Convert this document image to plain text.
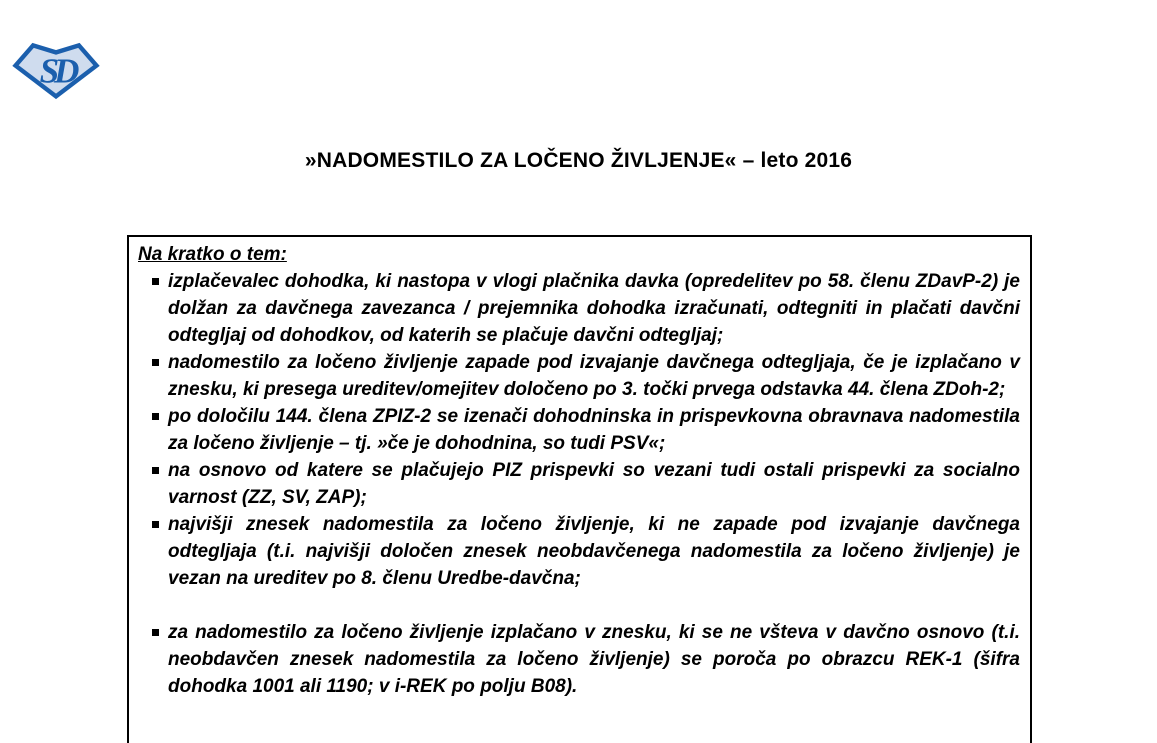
SD
»NADOMESTILO ZA LOČENO ŽIVLJENJE« – leto 2016
Na kratko o tem:
izplačevalec dohodka, ki nastopa v vlogi plačnika davka (opredelitev po 58. členu ZDavP-2) je dolžan za davčnega zavezanca / prejemnika dohodka izračunati, odtegniti in plačati davčni odtegljaj od dohodkov, od katerih se plačuje davčni odtegljaj;
nadomestilo za ločeno življenje zapade pod izvajanje davčnega odtegljaja, če je izplačano v znesku, ki presega ureditev/omejitev določeno po 3. točki prvega odstavka 44. člena ZDoh-2;
po določilu 144. člena ZPIZ-2 se izenači dohodninska in prispevkovna obravnava nadomestila za ločeno življenje – tj. »če je dohodnina, so tudi PSV«;
na osnovo od katere se plačujejo PIZ prispevki so vezani tudi ostali prispevki za socialno varnost (ZZ, SV, ZAP);
najvišji znesek nadomestila za ločeno življenje, ki ne zapade pod izvajanje davčnega odtegljaja (t.i. najvišji določen znesek neobdavčenega nadomestila za ločeno življenje) je vezan na ureditev po 8. členu Uredbe-davčna;
za nadomestilo za ločeno življenje izplačano v znesku, ki se ne všteva v davčno osnovo (t.i. neobdavčen znesek nadomestila za ločeno življenje) se poroča po obrazcu REK-1 (šifra dohodka 1001 ali 1190; v i-REK po polju B08).
